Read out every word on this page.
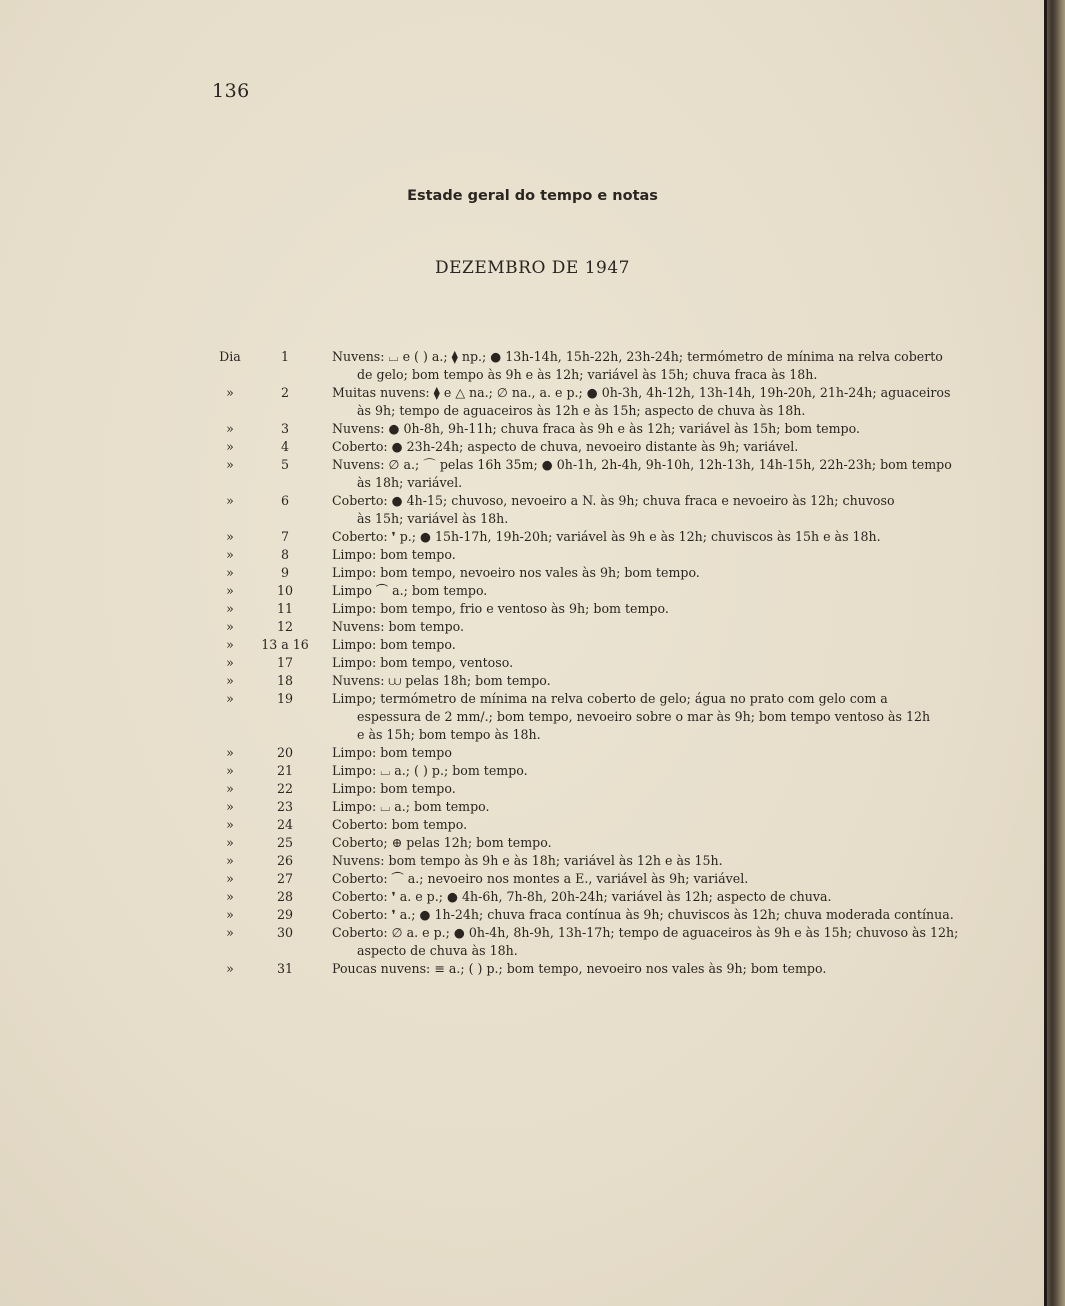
136
Estade geral do tempo e notas
DEZEMBRO DE 1947
Dia	1	Nuvens: ⌴ e ( ) a.; ⧫ np.; ● 13h-14h, 15h-22h, 23h-24h; termómetro de mínima na relva coberto
de gelo; bom tempo às 9h e às 12h; variável às 15h; chuva fraca às 18h.
»	2	Muitas nuvens: ⧫ e △ na.; ∅ na., a. e p.; ● 0h-3h, 4h-12h, 13h-14h, 19h-20h, 21h-24h; aguaceiros
às 9h; tempo de aguaceiros às 12h e às 15h; aspecto de chuva às 18h.
»	3	Nuvens: ● 0h-8h, 9h-11h; chuva fraca às 9h e às 12h; variável às 15h; bom tempo.
»	4	Coberto: ● 23h-24h; aspecto de chuva, nevoeiro distante às 9h; variável.
»	5	Nuvens: ∅ a.; ⌒ pelas 16h 35m; ● 0h-1h, 2h-4h, 9h-10h, 12h-13h, 14h-15h, 22h-23h; bom tempo
às 18h; variável.
»	6	Coberto: ● 4h-15; chuvoso, nevoeiro a N. às 9h; chuva fraca e nevoeiro às 12h; chuvoso
às 15h; variável às 18h.
»	7	Coberto: ❜ p.; ● 15h-17h, 19h-20h; variável às 9h e às 12h; chuviscos às 15h e às 18h.
»	8	Limpo: bom tempo.
»	9	Limpo: bom tempo, nevoeiro nos vales às 9h; bom tempo.
»	10	Limpo ⏜ a.; bom tempo.
»	11	Limpo: bom tempo, frio e ventoso às 9h; bom tempo.
»	12	Nuvens: bom tempo.
»	13 a 16	Limpo: bom tempo.
»	17	Limpo: bom tempo, ventoso.
»	18	Nuvens: ⩊ pelas 18h; bom tempo.
»	19	Limpo; termómetro de mínima na relva coberto de gelo; água no prato com gelo com a
espessura de 2 mm/.; bom tempo, nevoeiro sobre o mar às 9h; bom tempo ventoso às 12h
e às 15h; bom tempo às 18h.
»	20	Limpo: bom tempo
»	21	Limpo: ⌴ a.; ( ) p.; bom tempo.
»	22	Limpo: bom tempo.
»	23	Limpo: ⌴ a.; bom tempo.
»	24	Coberto: bom tempo.
»	25	Coberto; ⊕ pelas 12h; bom tempo.
»	26	Nuvens: bom tempo às 9h e às 18h; variável às 12h e às 15h.
»	27	Coberto: ⏜ a.; nevoeiro nos montes a E., variável às 9h; variável.
»	28	Coberto: ❜ a. e p.; ● 4h-6h, 7h-8h, 20h-24h; variável às 12h; aspecto de chuva.
»	29	Coberto: ❜ a.; ● 1h-24h; chuva fraca contínua às 9h; chuviscos às 12h; chuva moderada contínua.
»	30	Coberto: ∅ a. e p.; ● 0h-4h, 8h-9h, 13h-17h; tempo de aguaceiros às 9h e às 15h; chuvoso às 12h;
aspecto de chuva às 18h.
»	31	Poucas nuvens: ≡ a.; ( ) p.; bom tempo, nevoeiro nos vales às 9h; bom tempo.
